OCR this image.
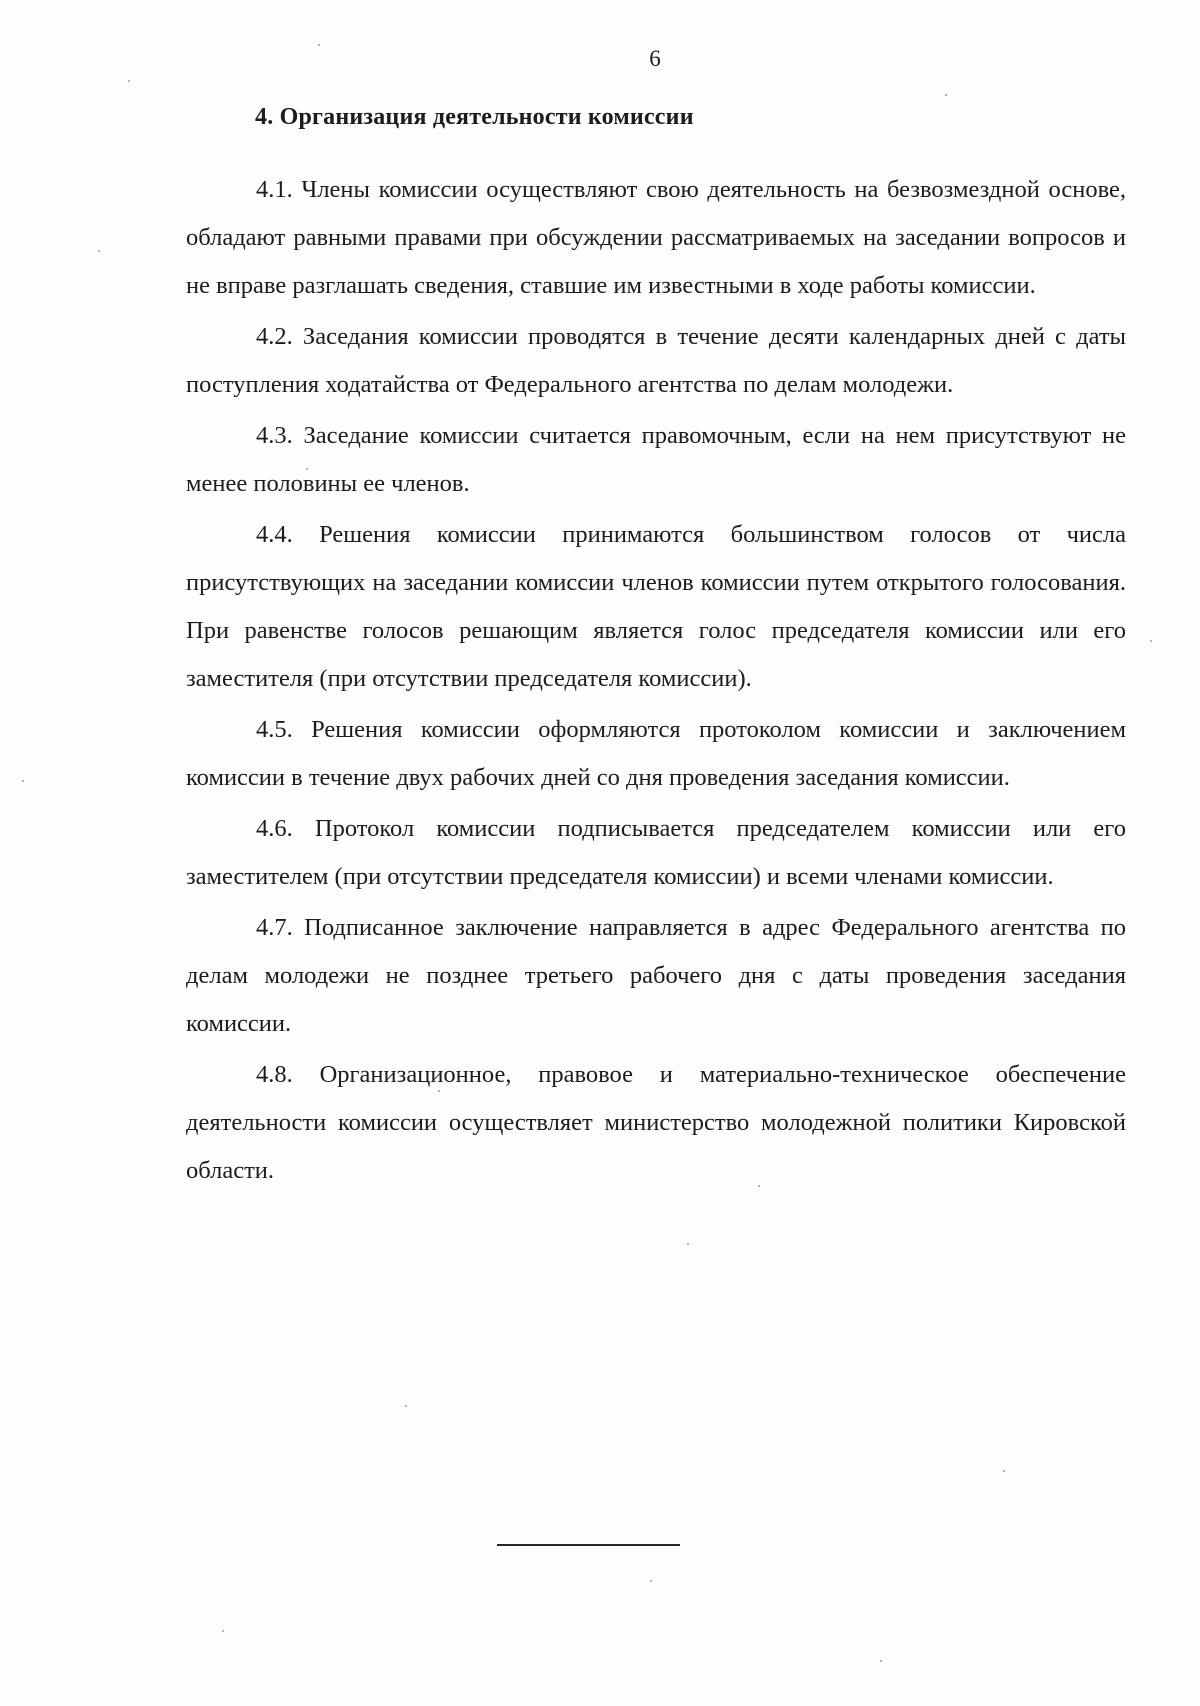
6
4. Организация деятельности комиссии

4.1. Члены комиссии осуществляют свою деятельность на безвозмездной основе, обладают равными правами при обсуждении рассматриваемых на заседании вопросов и не вправе разглашать сведения, ставшие им известными в ходе работы комиссии.

4.2. Заседания комиссии проводятся в течение десяти календарных дней с даты поступления ходатайства от Федерального агентства по делам молодежи.

4.3. Заседание комиссии считается правомочным, если на нем присутствуют не менее половины ее членов.

4.4. Решения комиссии принимаются большинством голосов от числа присутствующих на заседании комиссии членов комиссии путем открытого голосования. При равенстве голосов решающим является голос председателя комиссии или его заместителя (при отсутствии председателя комиссии).

4.5. Решения комиссии оформляются протоколом комиссии и заключением комиссии в течение двух рабочих дней со дня проведения заседания комиссии.

4.6. Протокол комиссии подписывается председателем комиссии или его заместителем (при отсутствии председателя комиссии) и всеми членами комиссии.

4.7. Подписанное заключение направляется в адрес Федерального агентства по делам молодежи не позднее третьего рабочего дня с даты проведения заседания комиссии.

4.8. Организационное, правовое и материально-техническое обеспечение деятельности комиссии осуществляет министерство молодежной политики Кировской области.
